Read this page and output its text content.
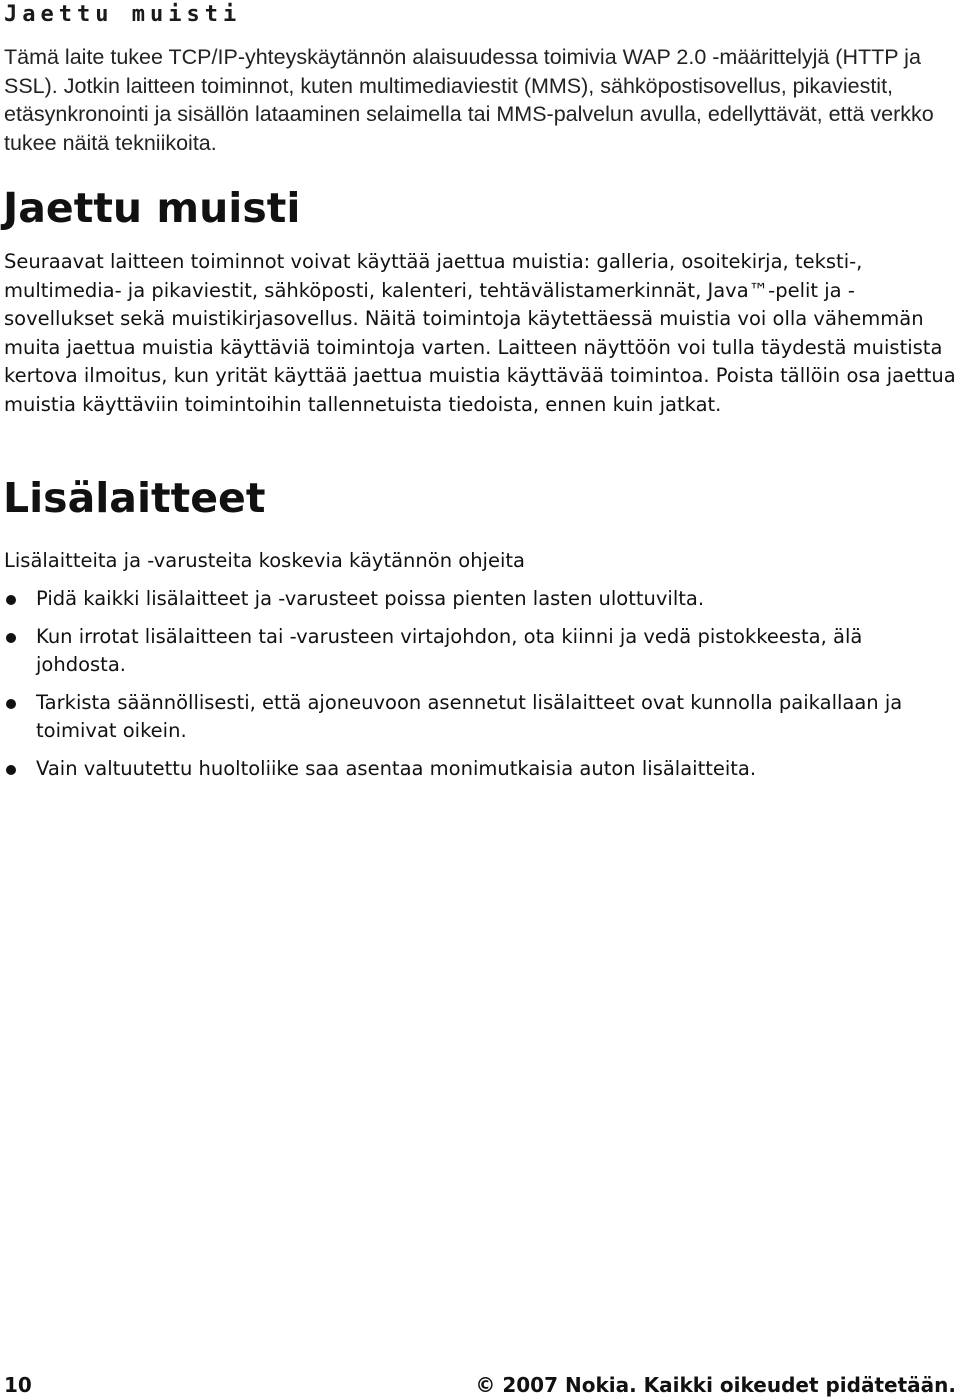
Jaettu muisti

Tämä laite tukee TCP/IP-yhteyskäytännön alaisuudessa toimivia WAP 2.0 -määrittelyjä (HTTP ja SSL). Jotkin laitteen toiminnot, kuten multimediaviestit (MMS), sähköpostisovellus, pikaviestit, etäsynkronointi ja sisällön lataaminen selaimella tai MMS-palvelun avulla, edellyttävät, että verkko tukee näitä tekniikoita.

Jaettu muisti

Seuraavat laitteen toiminnot voivat käyttää jaettua muistia: galleria, osoitekirja, teksti-, multimedia- ja pikaviestit, sähköposti, kalenteri, tehtävälistamerkinnät, Java™-pelit ja -sovellukset sekä muistikirjasovellus. Näitä toimintoja käytettäessä muistia voi olla vähemmän muita jaettua muistia käyttäviä toimintoja varten. Laitteen näyttöön voi tulla täydestä muistista kertova ilmoitus, kun yrität käyttää jaettua muistia käyttävää toimintoa. Poista tällöin osa jaettua muistia käyttäviin toimintoihin tallennetuista tiedoista, ennen kuin jatkat.

Lisälaitteet

Lisälaitteita ja -varusteita koskevia käytännön ohjeita

Pidä kaikki lisälaitteet ja -varusteet poissa pienten lasten ulottuvilta.
Kun irrotat lisälaitteen tai -varusteen virtajohdon, ota kiinni ja vedä pistokkeesta, älä johdosta.
Tarkista säännöllisesti, että ajoneuvoon asennetut lisälaitteet ovat kunnolla paikallaan ja toimivat oikein.
Vain valtuutettu huoltoliike saa asentaa monimutkaisia auton lisälaitteita.
10	© 2007 Nokia. Kaikki oikeudet pidätetään.
